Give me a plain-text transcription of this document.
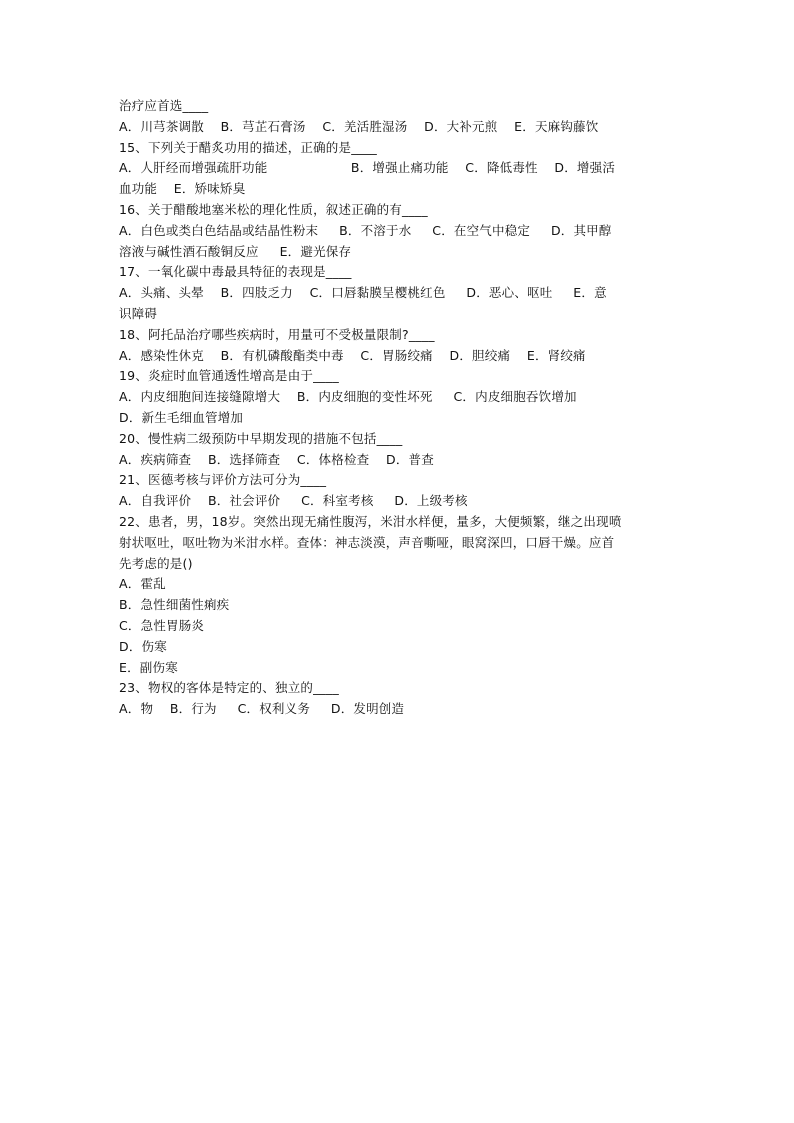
治疗应首选____
A．川芎茶调散    B．芎芷石膏汤    C．羌活胜湿汤    D．大补元煎    E．天麻钩藤饮
15、下列关于醋炙功用的描述，正确的是____
A．人肝经而增强疏肝功能                    B．增强止痛功能    C．降低毒性    D．增强活
血功能    E．矫味矫臭
16、关于醋酸地塞米松的理化性质，叙述正确的有____
A．白色或类白色结晶或结晶性粉末     B．不溶于水     C．在空气中稳定     D．其甲醇
溶液与碱性酒石酸铜反应     E．避光保存
17、一氧化碳中毒最具特征的表现是____
A．头痛、头晕    B．四肢乏力    C．口唇黏膜呈樱桃红色     D．恶心、呕吐     E．意
识障碍
18、阿托品治疗哪些疾病时，用量可不受极量限制?____
A．感染性休克    B．有机磷酸酯类中毒    C．胃肠绞痛    D．胆绞痛    E．肾绞痛
19、炎症时血管通透性增高是由于____
A．内皮细胞间连接缝隙增大    B．内皮细胞的变性坏死     C．内皮细胞吞饮增加
D．新生毛细血管增加
20、慢性病二级预防中早期发现的措施不包括____
A．疾病筛查    B．选择筛查    C．体格检查    D．普查
21、医德考核与评价方法可分为____
A．自我评价    B．社会评价     C．科室考核     D．上级考核
22、患者，男，18岁。突然出现无痛性腹泻，米泔水样便，量多，大便频繁，继之出现喷
射状呕吐，呕吐物为米泔水样。查体：神志淡漠，声音嘶哑，眼窝深凹，口唇干燥。应首
先考虑的是()
A．霍乱
B．急性细菌性痢疾
C．急性胃肠炎
D．伤寒
E．副伤寒
23、物权的客体是特定的、独立的____
A．物    B．行为     C．权利义务     D．发明创造
